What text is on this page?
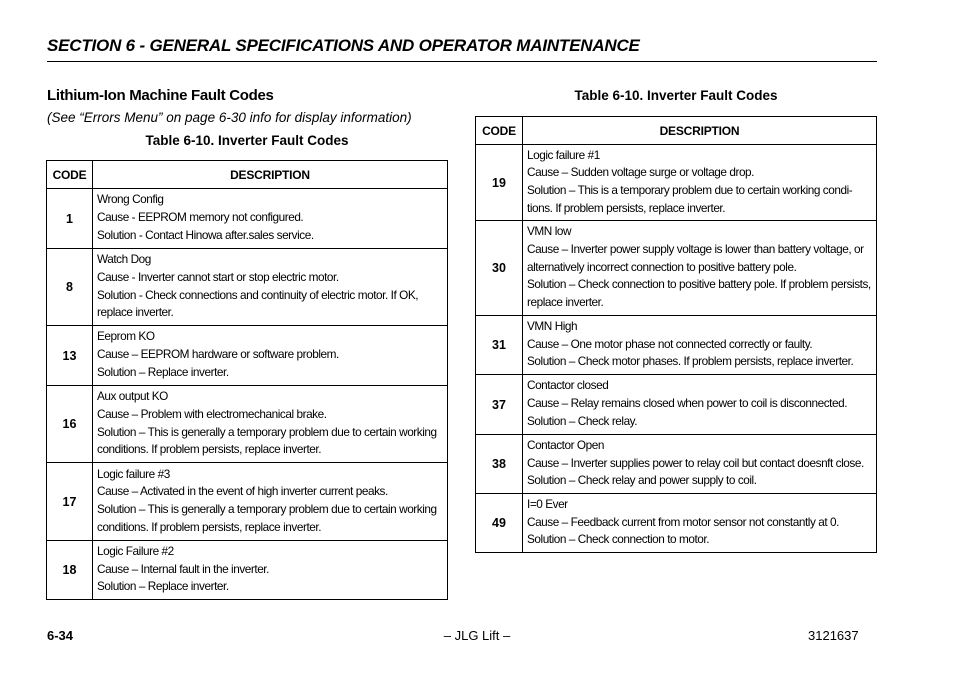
SECTION 6 - GENERAL SPECIFICATIONS AND OPERATOR MAINTENANCE
Lithium-Ion Machine Fault Codes
(See “Errors Menu” on page 6-30 info for display information)
Table 6-10. Inverter Fault Codes
CODE	DESCRIPTION
1	Wrong Config
Cause - EEPROM memory not configured.
Solution - Contact Hinowa after.sales service.

8	Watch Dog
Cause - Inverter cannot start or stop electric motor.
Solution - Check connections and continuity of electric motor. If OK,
replace inverter.

13	Eeprom KO
Cause – EEPROM hardware or software problem.
Solution – Replace inverter.

16	Aux output KO
Cause – Problem with electromechanical brake.
Solution – This is generally a temporary problem due to certain working
conditions. If problem persists, replace inverter.

17	Logic failure #3
Cause – Activated in the event of high inverter current peaks.
Solution – This is generally a temporary problem due to certain working
conditions. If problem persists, replace inverter.

18	Logic Failure #2
Cause – Internal fault in the inverter.
Solution – Replace inverter.
Table 6-10. Inverter Fault Codes
CODE	DESCRIPTION
19	Logic failure #1
Cause – Sudden voltage surge or voltage drop.
Solution – This is a temporary problem due to certain working condi-
tions. If problem persists, replace inverter.

30	VMN low
Cause – Inverter power supply voltage is lower than battery voltage, or
alternatively incorrect connection to positive battery pole.
Solution – Check connection to positive battery pole. If problem persists,
replace inverter.

31	VMN High
Cause – One motor phase not connected correctly or faulty.
Solution – Check motor phases. If problem persists, replace inverter.

37	Contactor closed
Cause – Relay remains closed when power to coil is disconnected.
Solution – Check relay.

38	Contactor Open
Cause – Inverter supplies power to relay coil but contact doesnft close.
Solution – Check relay and power supply to coil.

49	I=0 Ever
Cause – Feedback current from motor sensor not constantly at 0.
Solution – Check connection to motor.
6-34	– JLG Lift –	3121637
